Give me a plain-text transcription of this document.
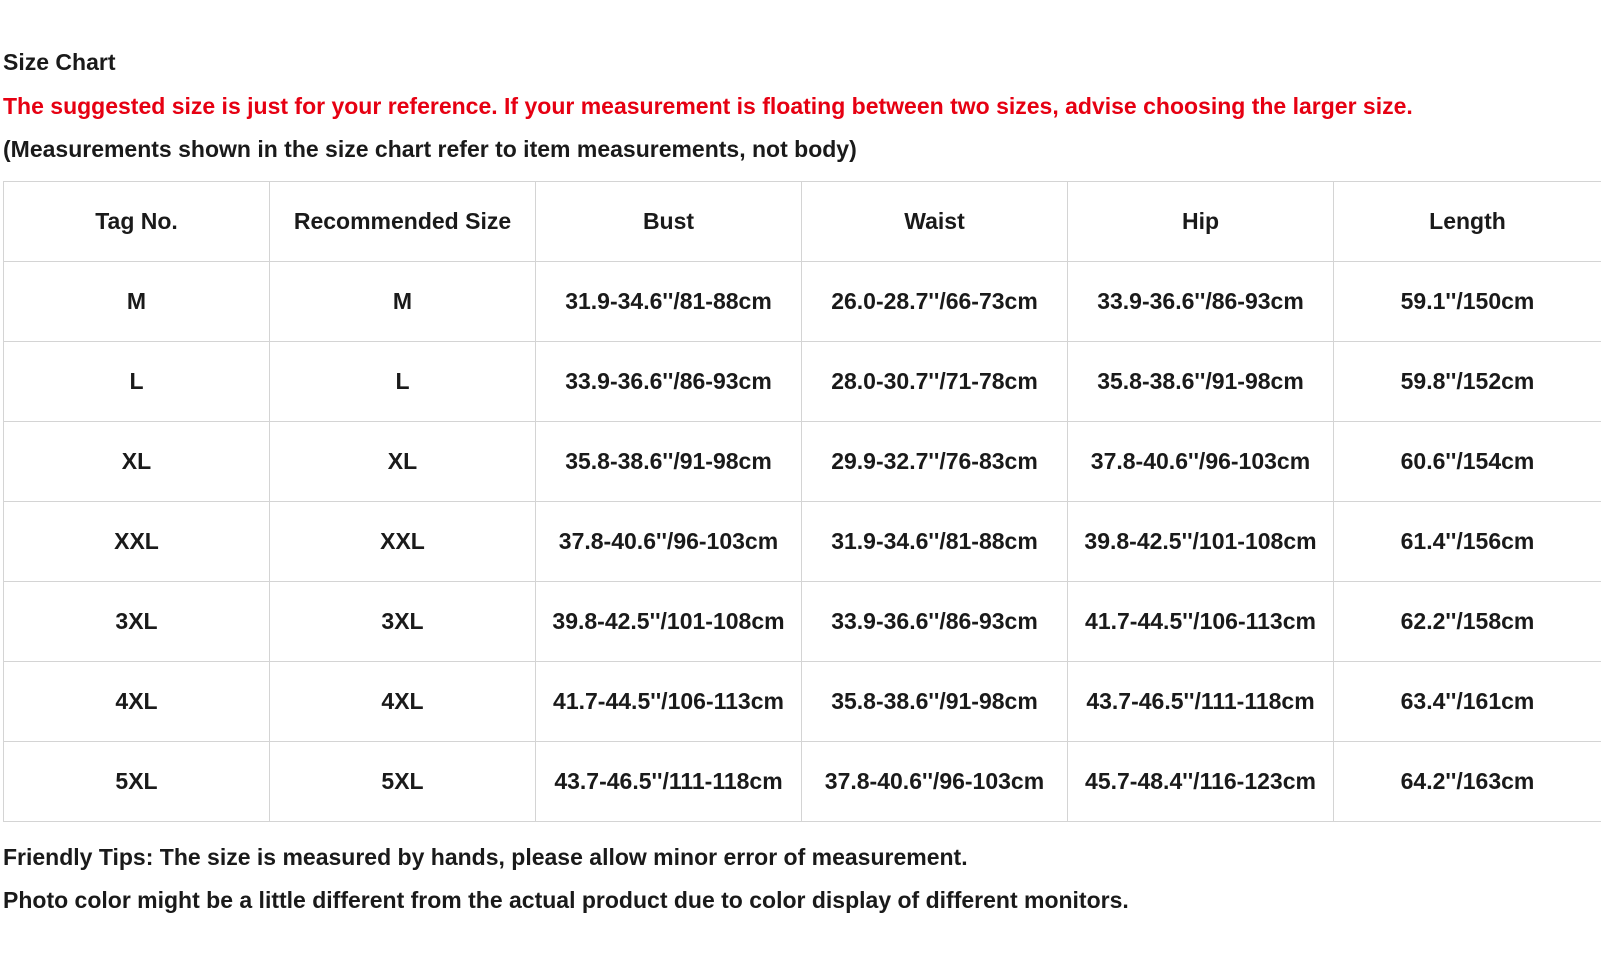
Size Chart
The suggested size is just for your reference. If your measurement is floating between two sizes, advise choosing the larger size.
(Measurements shown in the size chart refer to item measurements, not body)
Tag No.	Recommended Size	Bust	Waist	Hip	Length
M	M	31.9-34.6''/81-88cm	26.0-28.7''/66-73cm	33.9-36.6''/86-93cm	59.1''/150cm
L	L	33.9-36.6''/86-93cm	28.0-30.7''/71-78cm	35.8-38.6''/91-98cm	59.8''/152cm
XL	XL	35.8-38.6''/91-98cm	29.9-32.7''/76-83cm	37.8-40.6''/96-103cm	60.6''/154cm
XXL	XXL	37.8-40.6''/96-103cm	31.9-34.6''/81-88cm	39.8-42.5''/101-108cm	61.4''/156cm
3XL	3XL	39.8-42.5''/101-108cm	33.9-36.6''/86-93cm	41.7-44.5''/106-113cm	62.2''/158cm
4XL	4XL	41.7-44.5''/106-113cm	35.8-38.6''/91-98cm	43.7-46.5''/111-118cm	63.4''/161cm
5XL	5XL	43.7-46.5''/111-118cm	37.8-40.6''/96-103cm	45.7-48.4''/116-123cm	64.2''/163cm
Friendly Tips: The size is measured by hands, please allow minor error of measurement.
Photo color might be a little different from the actual product due to color display of different monitors.
